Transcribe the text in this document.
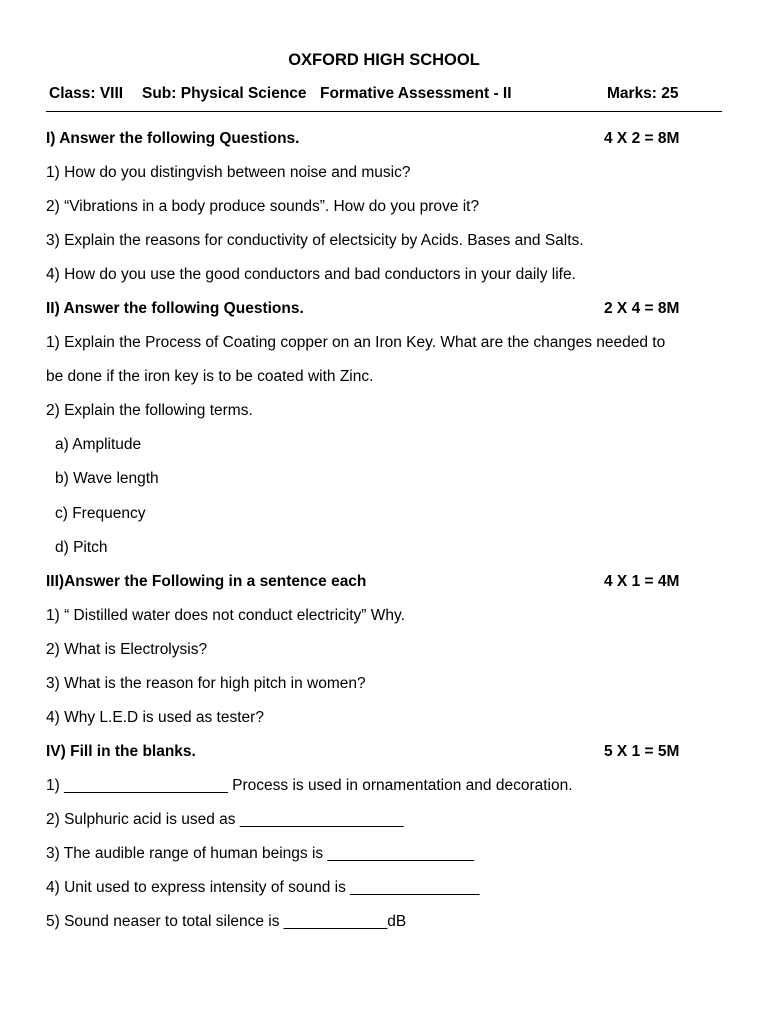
OXFORD HIGH SCHOOL
Class: VIII Sub: Physical Science Formative Assessment - II	Marks: 25
I) Answer the following Questions.	4 X 2 = 8M
1) How do you distingvish between noise and music?
2) “Vibrations in a body produce sounds”. How do you prove it?
3) Explain the reasons for conductivity of electsicity by Acids. Bases and Salts.
4) How do you use the good conductors and bad conductors in your daily life.
II) Answer the following Questions.	2 X 4 = 8M
1) Explain the Process of Coating copper on an Iron Key. What are the changes needed to
be done if the iron key is to be coated with Zinc.
2) Explain the following terms.
a) Amplitude
b) Wave length
c) Frequency
d) Pitch
III)Answer the Following in a sentence each	4 X 1 = 4M
1) “ Distilled water does not conduct electricity” Why.
2) What is Electrolysis?
3) What is the reason for high pitch in women?
4) Why L.E.D is used as tester?
IV) Fill in the blanks.	5 X 1 = 5M
1) ___________________ Process is used in ornamentation and decoration.
2) Sulphuric acid is used as ___________________
3) The audible range of human beings is _________________
4) Unit used to express intensity of sound is _______________
5) Sound neaser to total silence is ____________dB
